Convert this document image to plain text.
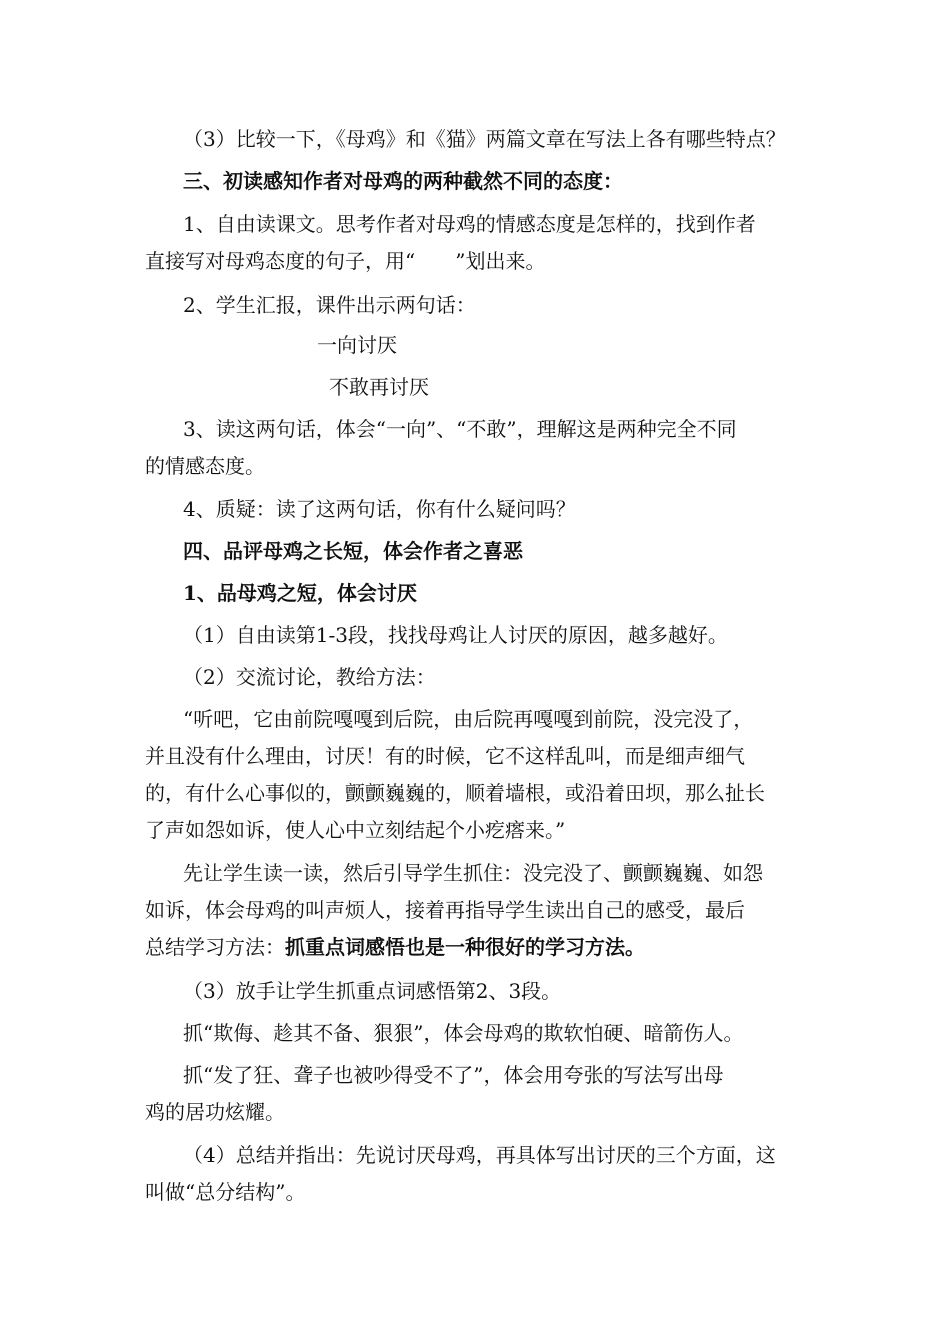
（3）比较一下，《母鸡》和《猫》两篇文章在写法上各有哪些特点？
三、初读感知作者对母鸡的两种截然不同的态度：
1、自由读课文。思考作者对母鸡的情感态度是怎样的，找到作者
直接写对母鸡态度的句子，用“　　”划出来。
2、学生汇报，课件出示两句话：
一向讨厌
不敢再讨厌
3、读这两句话，体会“一向”、“不敢”，理解这是两种完全不同
的情感态度。
4、质疑：读了这两句话，你有什么疑问吗？
四、品评母鸡之长短，体会作者之喜恶
1、品母鸡之短，体会讨厌
（1）自由读第1-3段，找找母鸡让人讨厌的原因，越多越好。
（2）交流讨论，教给方法：
“听吧，它由前院嘎嘎到后院，由后院再嘎嘎到前院，没完没了，
并且没有什么理由，讨厌！有的时候，它不这样乱叫，而是细声细气
的，有什么心事似的，颤颤巍巍的，顺着墙根，或沿着田坝，那么扯长
了声如怨如诉，使人心中立刻结起个小疙瘩来。”
先让学生读一读，然后引导学生抓住：没完没了、颤颤巍巍、如怨
如诉，体会母鸡的叫声烦人，接着再指导学生读出自己的感受，最后
总结学习方法：抓重点词感悟也是一种很好的学习方法。
（3）放手让学生抓重点词感悟第2、3段。
抓“欺侮、趁其不备、狠狠”，体会母鸡的欺软怕硬、暗箭伤人。
抓“发了狂、聋子也被吵得受不了”，体会用夸张的写法写出母
鸡的居功炫耀。
（4）总结并指出：先说讨厌母鸡，再具体写出讨厌的三个方面，这
叫做“总分结构”。
